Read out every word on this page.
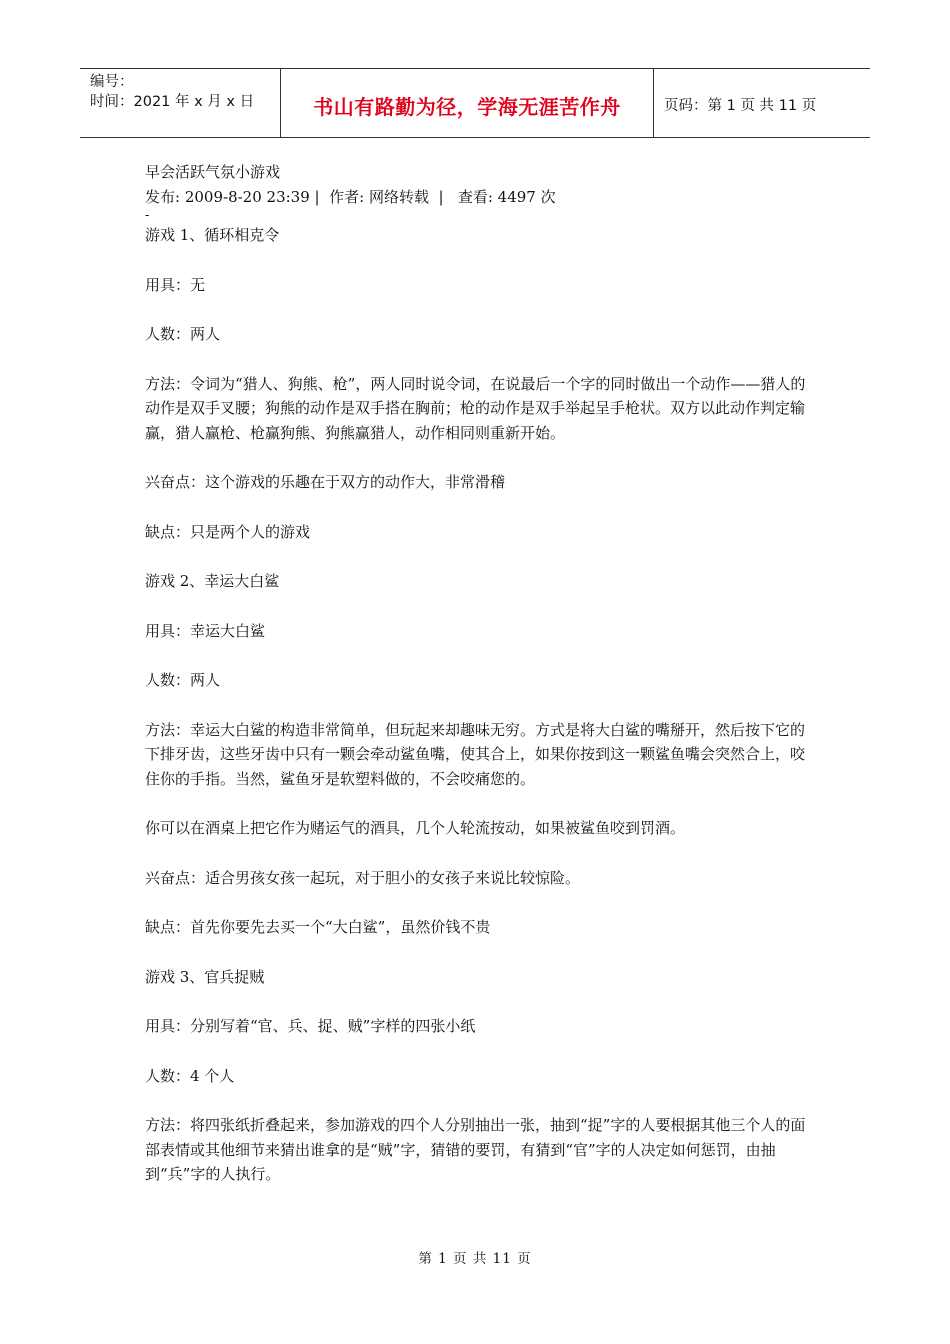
编号：
时间：2021 年 x 月 x 日	书山有路勤为径，学海无涯苦作舟	页码：第 1 页 共 11 页

早会活跃气氛小游戏

发布: 2009-8-20 23:39 |  作者: 网络转载  |   查看: 4497 次

-

游戏 1、循环相克令

用具：无

人数：两人

方法：令词为“猎人、狗熊、枪”，两人同时说令词，在说最后一个字的同时做出一个动作——猎人的动作是双手叉腰；狗熊的动作是双手搭在胸前；枪的动作是双手举起呈手枪状。双方以此动作判定输赢，猎人赢枪、枪赢狗熊、狗熊赢猎人，动作相同则重新开始。

兴奋点：这个游戏的乐趣在于双方的动作大，非常滑稽

缺点：只是两个人的游戏

游戏 2、幸运大白鲨

用具：幸运大白鲨

人数：两人

方法：幸运大白鲨的构造非常简单，但玩起来却趣味无穷。方式是将大白鲨的嘴掰开，然后按下它的下排牙齿，这些牙齿中只有一颗会牵动鲨鱼嘴，使其合上，如果你按到这一颗鲨鱼嘴会突然合上，咬住你的手指。当然，鲨鱼牙是软塑料做的，不会咬痛您的。

你可以在酒桌上把它作为赌运气的酒具，几个人轮流按动，如果被鲨鱼咬到罚酒。

兴奋点：适合男孩女孩一起玩，对于胆小的女孩子来说比较惊险。

缺点：首先你要先去买一个“大白鲨”，虽然价钱不贵

游戏 3、官兵捉贼

用具：分别写着“官、兵、捉、贼”字样的四张小纸

人数：4 个人

方法：将四张纸折叠起来，参加游戏的四个人分别抽出一张，抽到“捉”字的人要根据其他三个人的面部表情或其他细节来猜出谁拿的是“贼”字，猜错的要罚，有猜到“官”字的人决定如何惩罚，由抽到“兵”字的人执行。

第 1 页 共 11 页
